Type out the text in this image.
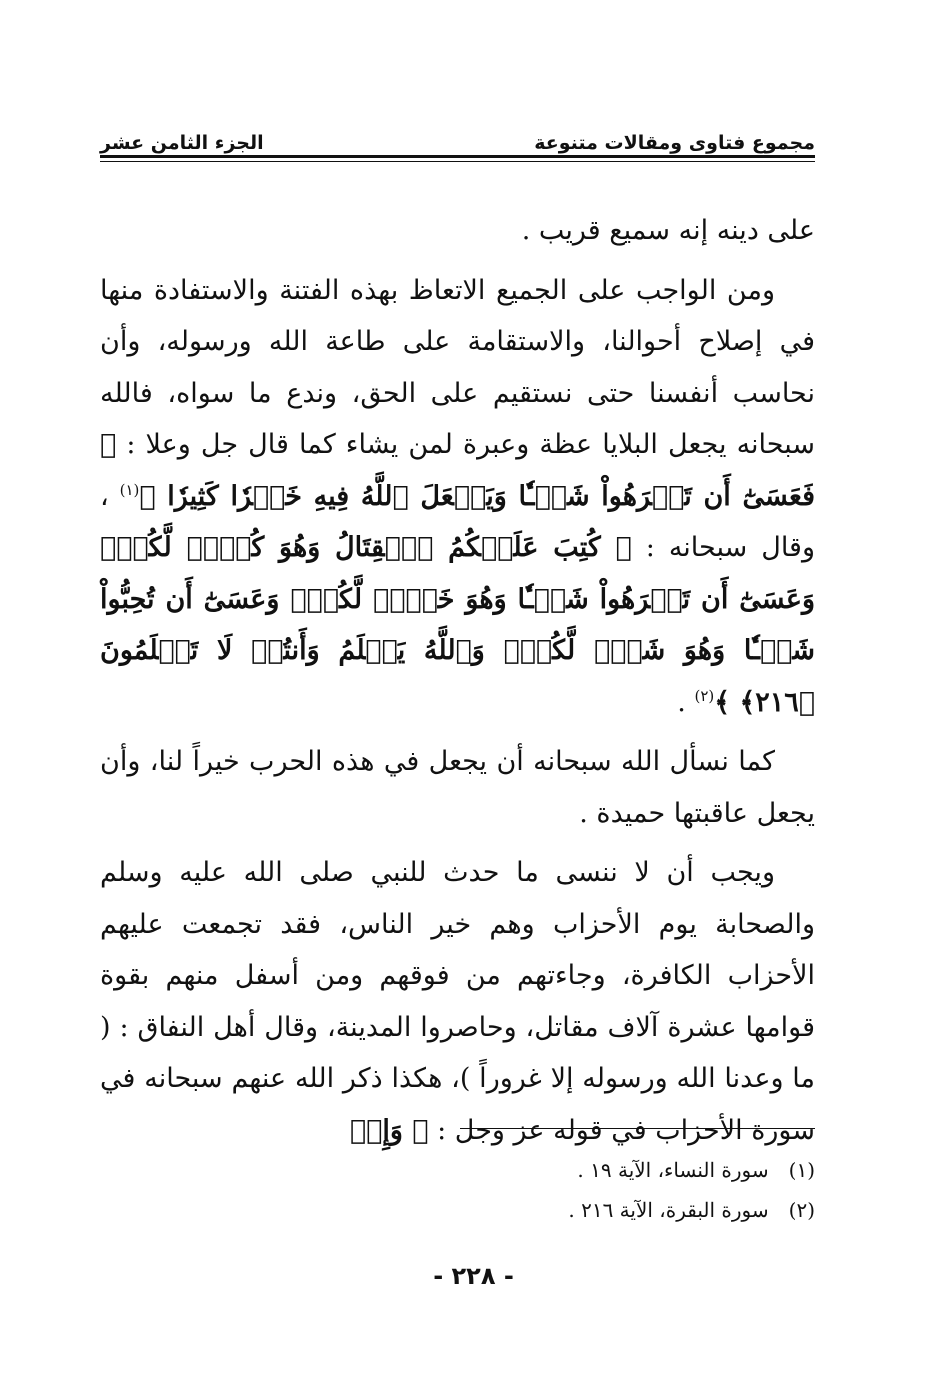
مجموع فتاوى ومقالات متنوعة
الجزء الثامن عشر

على دينه إنه سميع قريب .

ومن الواجب على الجميع الاتعاظ بهذه الفتنة والاستفادة منها في إصلاح أحوالنا، والاستقامة على طاعة الله ورسوله، وأن نحاسب أنفسنا حتى نستقيم على الحق، وندع ما سواه، فالله سبحانه يجعل البلايا عظة وعبرة لمن يشاء كما قال جل وعلا : ﴿ فَعَسَىٰٓ أَن تَكۡرَهُواْ شَيۡـٔٗا وَيَجۡعَلَ ٱللَّهُ فِيهِ خَيۡرٗا كَثِيرٗا ﴾$^{(١)}$ ، وقال سبحانه : ﴿ كُتِبَ عَلَيۡكُمُ ٱلۡقِتَالُ وَهُوَ كُرۡهٞ لَّكُمۡۖ وَعَسَىٰٓ أَن تَكۡرَهُواْ شَيۡـٔٗا وَهُوَ خَيۡرٞ لَّكُمۡۖ وَعَسَىٰٓ أَن تُحِبُّواْ شَيۡـٔٗا وَهُوَ شَرّٞ لَّكُمۡۚ وَٱللَّهُ يَعۡلَمُ وَأَنتُمۡ لَا تَعۡلَمُونَ ﴿٢١٦﴾ ﴾$^{(٢)}$ .

كما نسأل الله سبحانه أن يجعل في هذه الحرب خيراً لنا، وأن يجعل عاقبتها حميدة .

ويجب أن لا ننسى ما حدث للنبي صلى الله عليه وسلم والصحابة يوم الأحزاب وهم خير الناس، فقد تجمعت عليهم الأحزاب الكافرة، وجاءتهم من فوقهم ومن أسفل منهم بقوة قوامها عشرة آلاف مقاتل، وحاصروا المدينة، وقال أهل النفاق : ( ما وعدنا الله ورسوله إلا غروراً )، هكذا ذكر الله عنهم سبحانه في سورة الأحزاب في قوله عز وجل : ﴿ وَإِذۡ

(١) سورة النساء، الآية ١٩ .
(٢) سورة البقرة، الآية ٢١٦ .
- ٢٢٨ -
